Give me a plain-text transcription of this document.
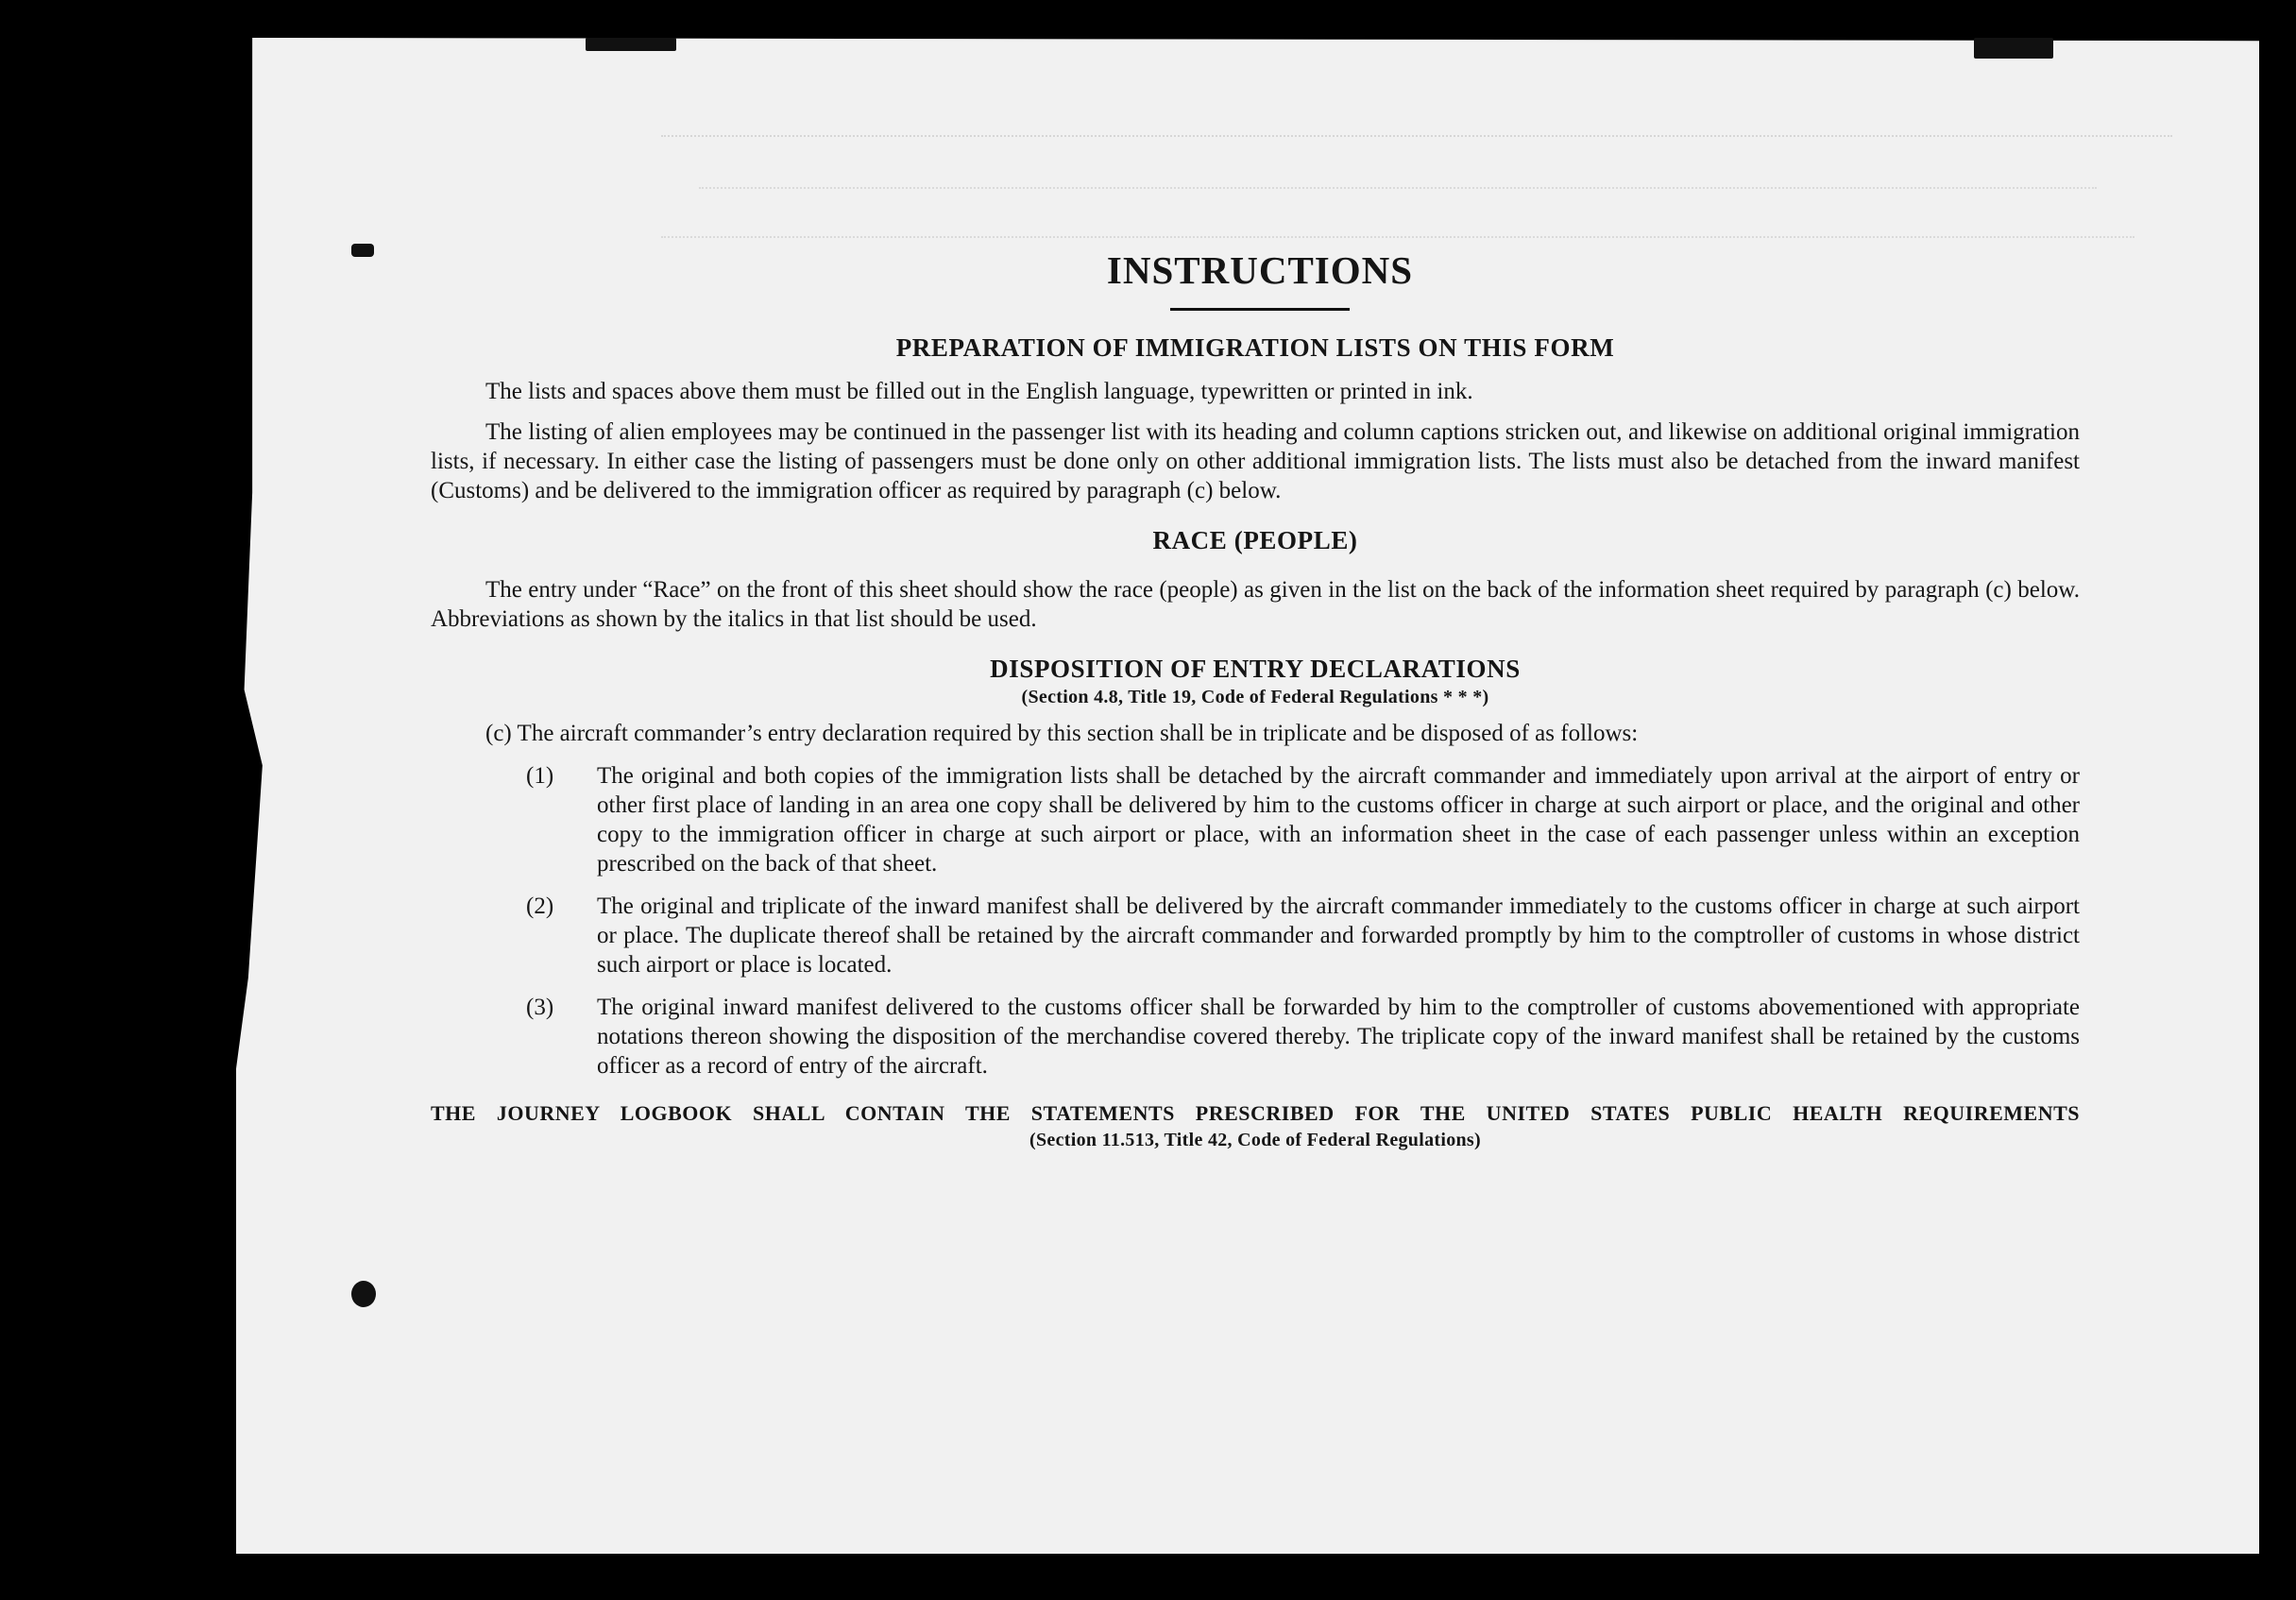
INSTRUCTIONS
PREPARATION OF IMMIGRATION LISTS ON THIS FORM

The lists and spaces above them must be filled out in the English language, typewritten or printed in ink.

The listing of alien employees may be continued in the passenger list with its heading and column captions stricken out, and likewise on additional original immigration lists, if necessary. In either case the listing of passengers must be done only on other additional immigration lists. The lists must also be detached from the inward manifest (Customs) and be delivered to the immigration officer as required by paragraph (c) below.

RACE (PEOPLE)

The entry under “Race” on the front of this sheet should show the race (people) as given in the list on the back of the information sheet required by paragraph (c) below. Abbreviations as shown by the italics in that list should be used.

DISPOSITION OF ENTRY DECLARATIONS
(Section 4.8, Title 19, Code of Federal Regulations * * *)

(c) The aircraft commander’s entry declaration required by this section shall be in triplicate and be disposed of as follows:

(1) The original and both copies of the immigration lists shall be detached by the aircraft commander and immediately upon arrival at the airport of entry or other first place of landing in an area one copy shall be delivered by him to the customs officer in charge at such airport or place, and the original and other copy to the immigration officer in charge at such airport or place, with an information sheet in the case of each passenger unless within an exception prescribed on the back of that sheet.
(2) The original and triplicate of the inward manifest shall be delivered by the aircraft commander immediately to the customs officer in charge at such airport or place. The duplicate thereof shall be retained by the aircraft commander and forwarded promptly by him to the comptroller of customs in whose district such airport or place is located.
(3) The original inward manifest delivered to the customs officer shall be forwarded by him to the comptroller of customs abovementioned with appropriate notations thereon showing the disposition of the merchandise covered thereby. The triplicate copy of the inward manifest shall be retained by the customs officer as a record of entry of the aircraft.
THE JOURNEY LOGBOOK SHALL CONTAIN THE STATEMENTS PRESCRIBED FOR THE UNITED STATES PUBLIC HEALTH REQUIREMENTS
(Section 11.513, Title 42, Code of Federal Regulations)
